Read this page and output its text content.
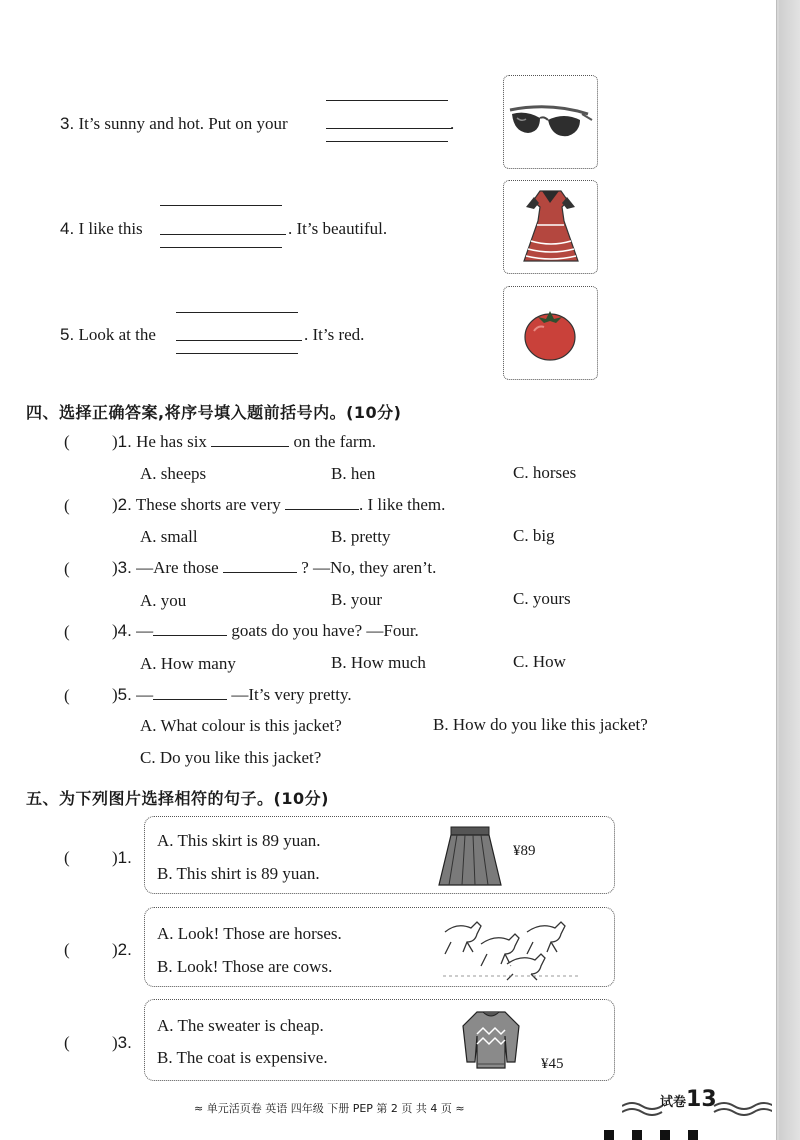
3. It’s sunny and hot. Put on your	.
4. I like this	. It’s beautiful.
5. Look at the	. It’s red.
四、选择正确答案,将序号填入题前括号内。(10分)
( )1. He has six	on the farm.
A. sheeps	B. hen	C. horses
( )2. These shorts are very	. I like them.
A. small	B. pretty	C. big
( )3. —Are those	? —No, they aren’t.
A. you	B. your	C. yours
( )4. —	goats do you have? —Four.
A. How many	B. How much	C. How
( )5. —	—It’s very pretty.
A. What colour is this jacket?	B. How do you like this jacket?
C. Do you like this jacket?
五、为下列图片选择相符的句子。(10分)
( )1.
A. This skirt is 89 yuan.
B. This shirt is 89 yuan.
¥89
( )2.
A. Look! Those are horses.
B. Look! Those are cows.
( )3.
A. The sweater is cheap.
B. The coat is expensive.	¥45
≈ 单元活页卷 英语 四年级 下册 PEP 第 2 页 共 4 页 ≈	试卷13
